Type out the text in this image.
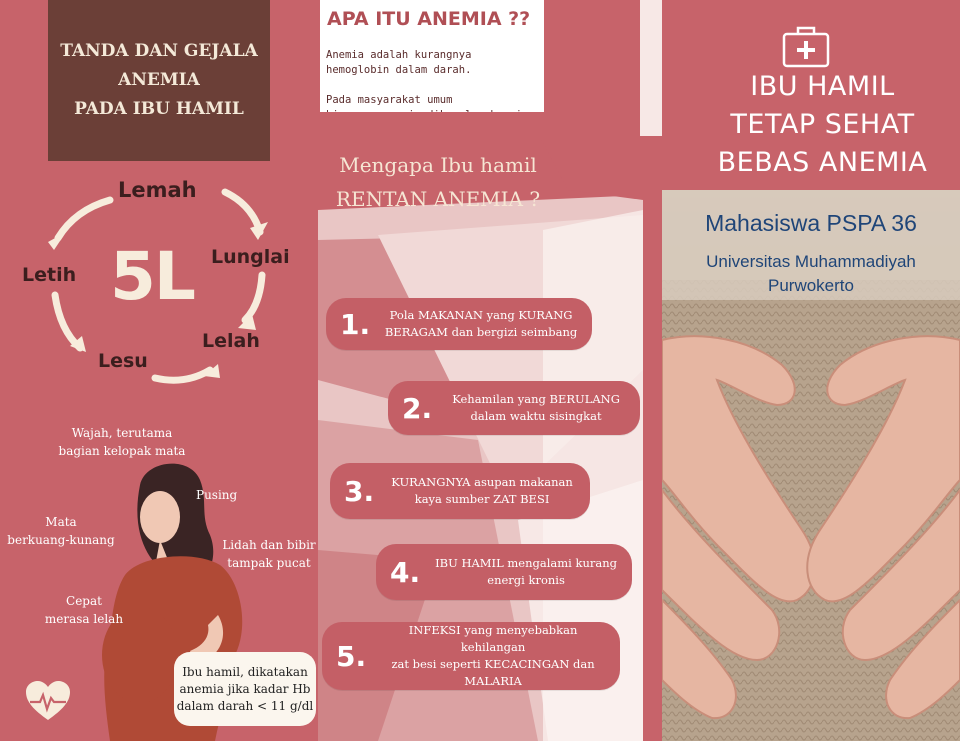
TANDA DAN GEJALA
ANEMIA
PADA IBU HAMIL
Lemah
Lunglai
Lelah
Lesu
Letih 5L
Wajah, terutama
bagian kelopak mata
Pusing
Mata
berkuang-kunang	Lidah dan bibir
tampak pucat
Cepat
merasa lelah
Ibu hamil, dikatakan
anemia jika kadar Hb
dalam darah < 11 g/dl
APA ITU ANEMIA ??
Anemia adalah kurangnya
hemoglobin dalam darah.
Pada masyarakat umum
Mengapa Ibu hamil
RENTAN ANEMIA ?
1.	Pola MAKANAN yang KURANG
BERAGAM dan bergizi seimbang
2.	Kehamilan yang BERULANG
dalam waktu sisingkat
3.	KURANGNYA asupan makanan
kaya sumber ZAT BESI
4.	IBU HAMIL mengalami kurang
energi kronis
5.
INFEKSI yang menyebabkan kehilangan
zat besi seperti KECACINGAN dan
MALARIA
IBU HAMIL
TETAP SEHAT
BEBAS ANEMIA
Mahasiswa PSPA 36
Universitas Muhammadiyah
Purwokerto
